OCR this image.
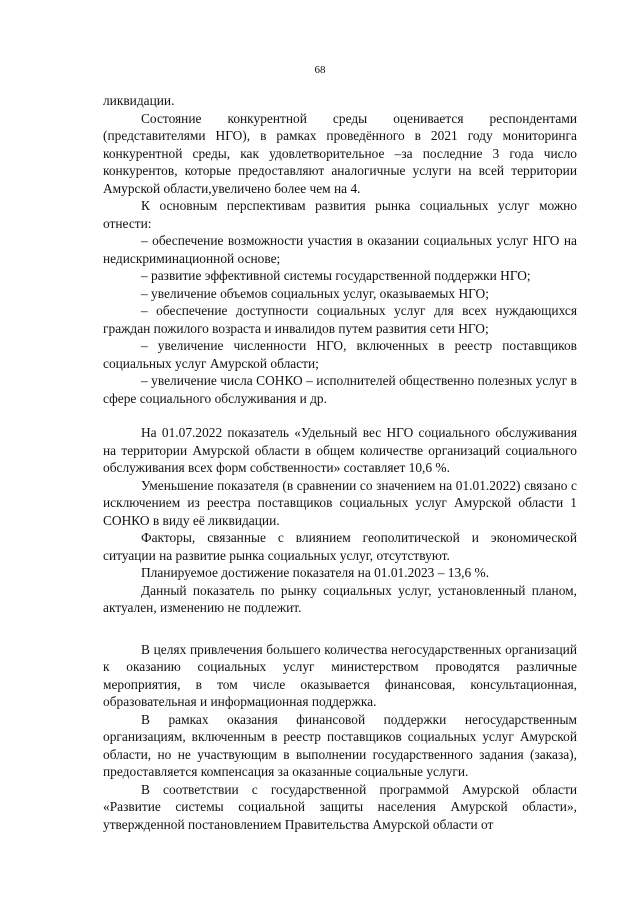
68

ликвидации.

Состояние конкурентной среды оценивается респондентами (представителями НГО), в рамках проведённого в 2021 году мониторинга конкурентной среды, как удовлетворительное –за последние 3 года число конкурентов, которые предоставляют аналогичные услуги на всей территории Амурской области,увеличено более чем на 4.

К основным перспективам развития рынка социальных услуг можно отнести:

– обеспечение возможности участия в оказании социальных услуг НГО на недискриминационной основе;

– развитие эффективной системы государственной поддержки НГО;

– увеличение объемов социальных услуг, оказываемых НГО;

– обеспечение доступности социальных услуг для всех нуждающихся граждан пожилого возраста и инвалидов путем развития сети НГО;

– увеличение численности НГО, включенных в реестр поставщиков социальных услуг Амурской области;

– увеличение числа СОНКО – исполнителей общественно полезных услуг в сфере социального обслуживания и др.

На 01.07.2022 показатель «Удельный вес НГО социального обслуживания на территории Амурской области в общем количестве организаций социального обслуживания всех форм собственности» составляет 10,6 %.

Уменьшение показателя (в сравнении со значением на 01.01.2022) связано с исключением из реестра поставщиков социальных услуг Амурской области 1 СОНКО в виду её ликвидации.

Факторы, связанные с влиянием геополитической и экономической ситуации на развитие рынка социальных услуг, отсутствуют.

Планируемое достижение показателя на 01.01.2023 – 13,6 %.

Данный показатель по рынку социальных услуг, установленный планом, актуален, изменению не подлежит.

В целях привлечения большего количества негосударственных организаций к оказанию социальных услуг министерством проводятся различные мероприятия, в том числе оказывается финансовая, консультационная, образовательная и информационная поддержка.

В рамках оказания финансовой поддержки негосударственным организациям, включенным в реестр поставщиков социальных услуг Амурской области, но не участвующим в выполнении государственного задания (заказа), предоставляется компенсация за оказанные социальные услуги.

В соответствии с государственной программой Амурской области «Развитие системы социальной защиты населения Амурской области», утвержденной постановлением Правительства Амурской области от
